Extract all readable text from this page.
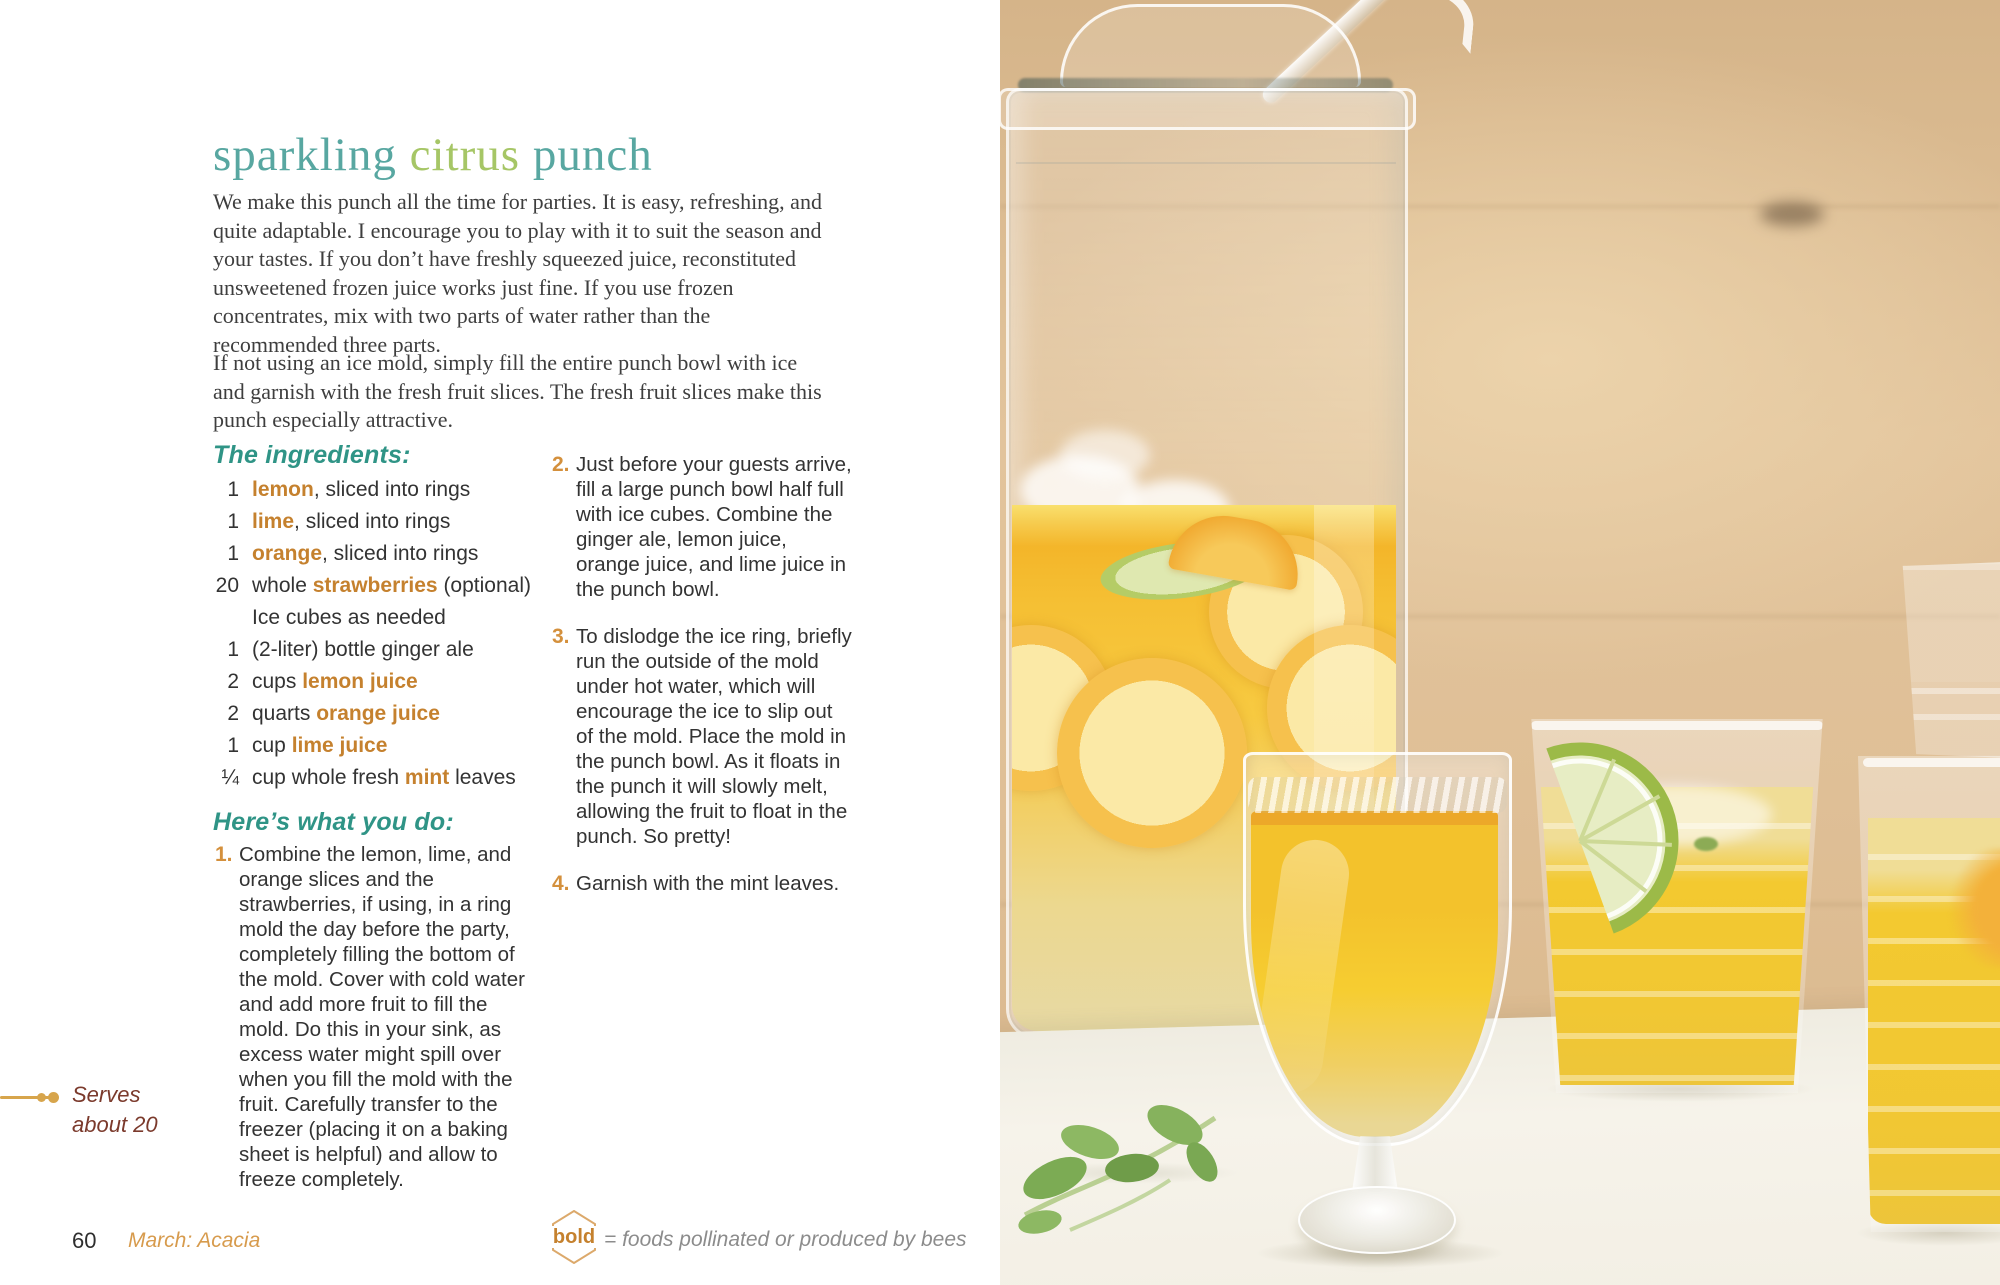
sparkling citrus punch

We make this punch all the time for parties. It is easy, refreshing, and quite adaptable. I encourage you to play with it to suit the season and your tastes. If you don’t have freshly squeezed juice, reconstituted unsweetened frozen juice works just fine. If you use frozen concentrates, mix with two parts of water rather than the recommended three parts.

If not using an ice mold, simply fill the entire punch bowl with ice and garnish with the fresh fruit slices. The fresh fruit slices make this punch especially attractive.

The ingredients:
1 lemon, sliced into rings
1 lime, sliced into rings
1 orange, sliced into rings
20 whole strawberries (optional)
Ice cubes as needed
1 (2-liter) bottle ginger ale
2 cups lemon juice
2 quarts orange juice
1 cup lime juice
¼ cup whole fresh mint leaves
Here’s what you do:
1. Combine the lemon, lime, and orange slices and the strawberries, if using, in a ring mold the day before the party, completely filling the bottom of the mold. Cover with cold water and add more fruit to fill the mold. Do this in your sink, as excess water might spill over when you fill the mold with the fruit. Carefully transfer to the freezer (placing it on a baking sheet is helpful) and allow to freeze completely.
2. Just before your guests arrive, fill a large punch bowl half full with ice cubes. Combine the ginger ale, lemon juice, orange juice, and lime juice in the punch bowl.
3. To dislodge the ice ring, briefly run the outside of the mold under hot water, which will encourage the ice to slip out of the mold. Place the mold in the punch bowl. As it floats in the punch it will slowly melt, allowing the fruit to float in the punch. So pretty!
4. Garnish with the mint leaves.
Serves
about 20
60 March: Acacia	bold = foods pollinated or produced by bees
